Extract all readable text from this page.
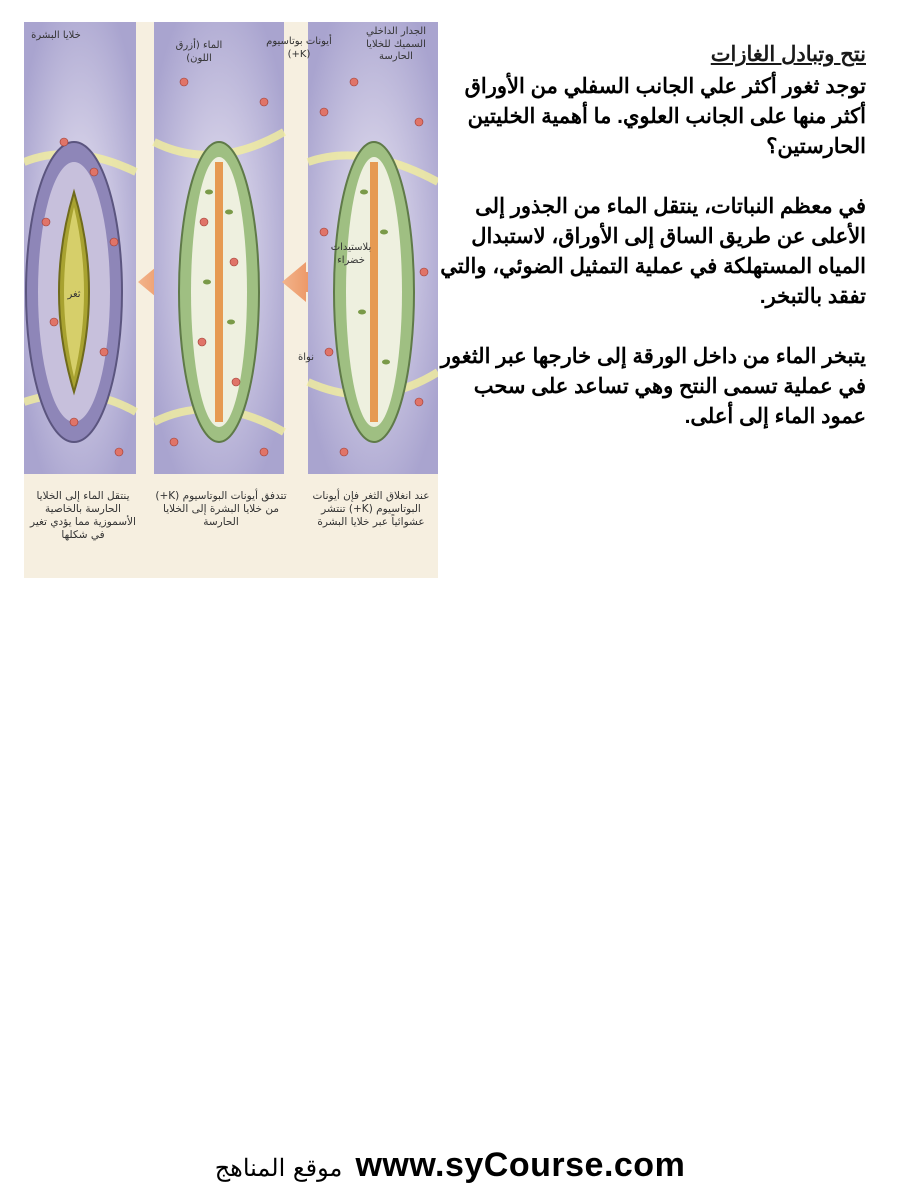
ثغر
خلايا البشرة
الماء (أزرق اللون)
أيونات بوتاسيوم (K+)
الجدار الداخلي السميك للخلايا الحارسة
بلاستيدات خضراء
نواة
ينتقل الماء إلى الخلايا الحارسة بالخاصية الأسموزية مما يؤدي تغير في شكلها
تتدفق أيونات البوتاسيوم (K+) من خلايا البشرة إلى الخلايا الحارسة
عند انغلاق الثغر فإن أيونات البوتاسيوم (K+) تنتشر عشوائياً عبر خلايا البشرة
نتح وتبادل الغازات

توجد ثغور أكثر علي الجانب السفلي من الأوراق أكثر منها على الجانب العلوي. ما أهمية الخليتين الحارستين؟

في معظم النباتات، ينتقل الماء من الجذور إلى الأعلى عن طريق الساق إلى الأوراق، لاستبدال المياه المستهلكة في عملية التمثيل الضوئي، والتي تفقد بالتبخر.

يتبخر الماء من داخل الورقة إلى خارجها عبر الثغور في عملية تسمى النتح وهي تساعد على سحب عمود الماء إلى أعلى.

موقع المناهج www.syCourse.com
